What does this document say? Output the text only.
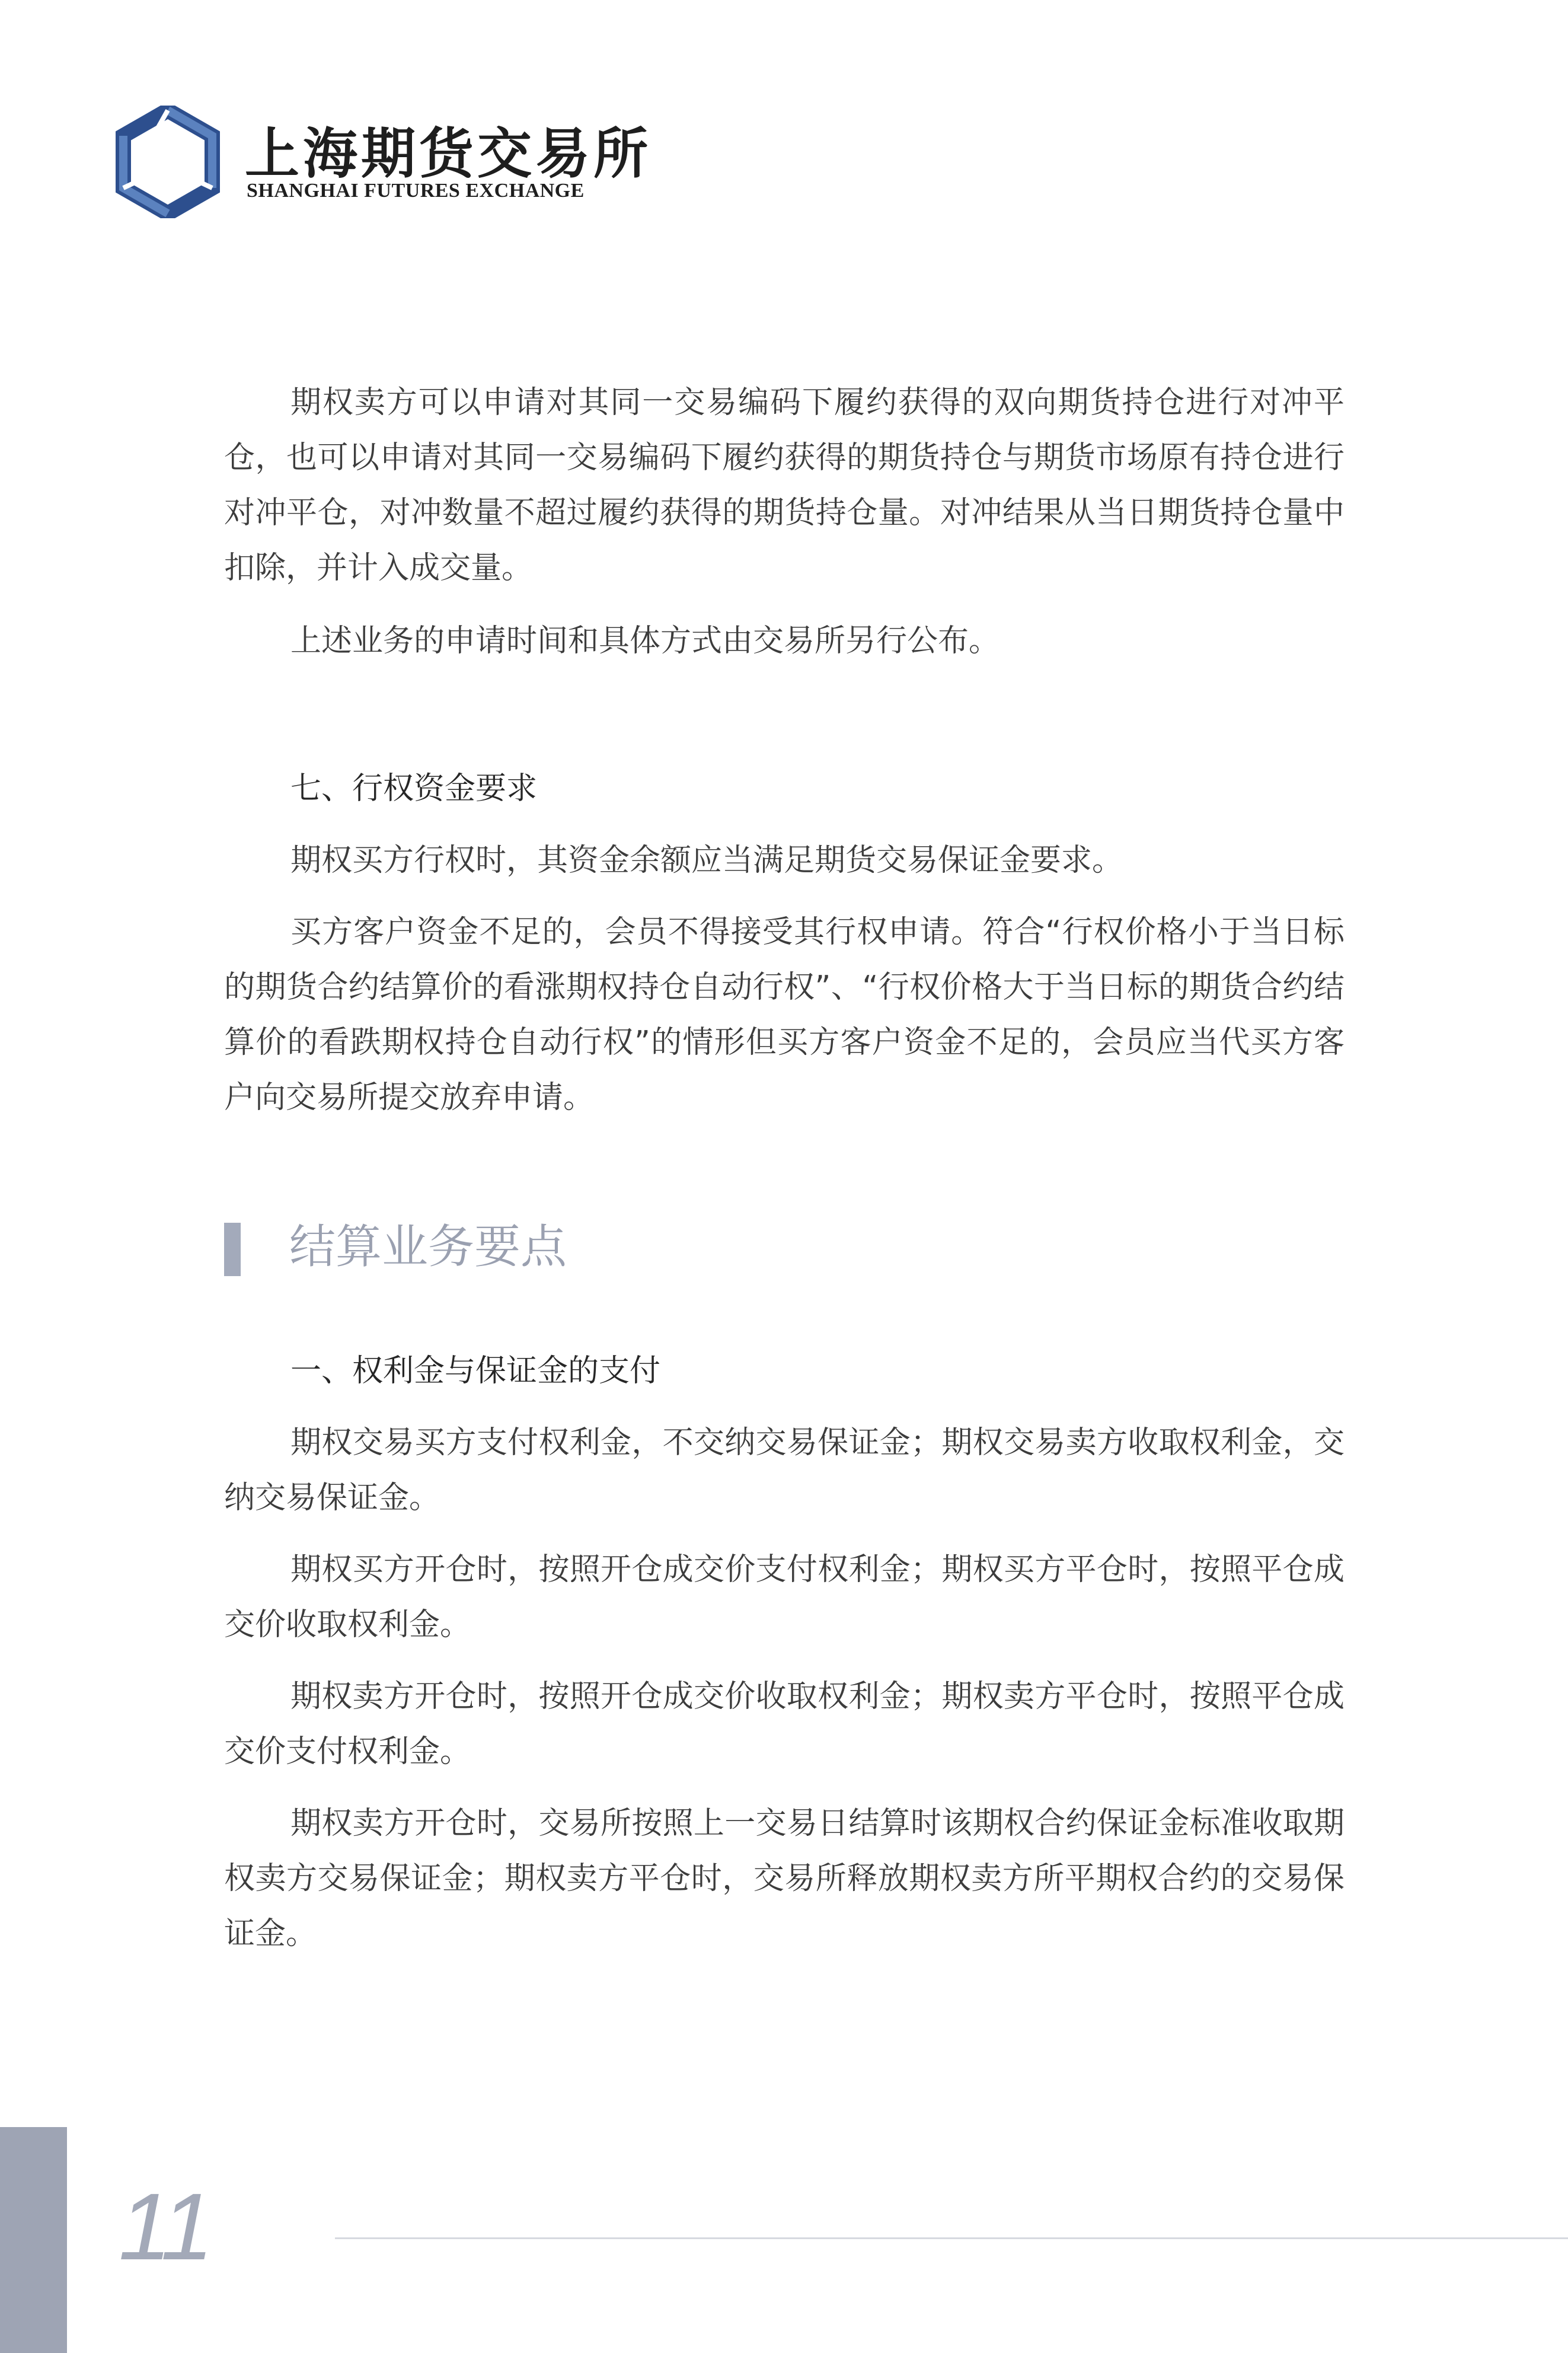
上海期货交易所
SHANGHAI FUTURES EXCHANGE

期权卖方可以申请对其同一交易编码下履约获得的双向期货持仓进行对冲平仓，也可以申请对其同一交易编码下履约获得的期货持仓与期货市场原有持仓进行对冲平仓，对冲数量不超过履约获得的期货持仓量。对冲结果从当日期货持仓量中扣除，并计入成交量。

上述业务的申请时间和具体方式由交易所另行公布。

七、行权资金要求

期权买方行权时，其资金余额应当满足期货交易保证金要求。

买方客户资金不足的，会员不得接受其行权申请。符合“行权价格小于当日标的期货合约结算价的看涨期权持仓自动行权”、“行权价格大于当日标的期货合约结算价的看跌期权持仓自动行权”的情形但买方客户资金不足的，会员应当代买方客户向交易所提交放弃申请。

结算业务要点

一、权利金与保证金的支付

期权交易买方支付权利金，不交纳交易保证金；期权交易卖方收取权利金，交纳交易保证金。

期权买方开仓时，按照开仓成交价支付权利金；期权买方平仓时，按照平仓成交价收取权利金。

期权卖方开仓时，按照开仓成交价收取权利金；期权卖方平仓时，按照平仓成交价支付权利金。

期权卖方开仓时，交易所按照上一交易日结算时该期权合约保证金标准收取期权卖方交易保证金；期权卖方平仓时，交易所释放期权卖方所平期权合约的交易保证金。

11
